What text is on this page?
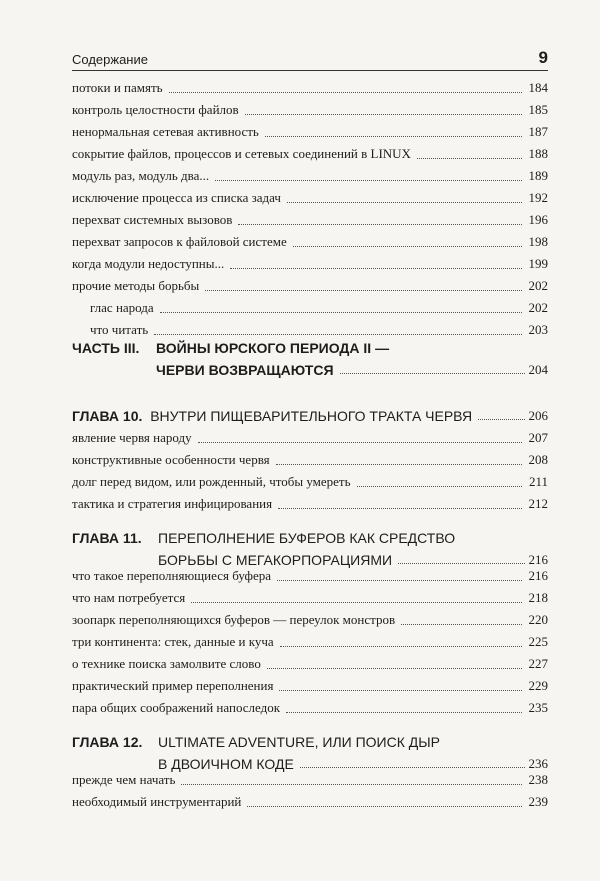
Содержание	9
потоки и память	184
контроль целостности файлов	185
ненормальная сетевая активность	187
сокрытие файлов, процессов и сетевых соединений в LINUX	188
модуль раз, модуль два...	189
исключение процесса из списка задач	192
перехват системных вызовов	196
перехват запросов к файловой системе	198
когда модули недоступны...	199
прочие методы борьбы	202
глас народа	202
что читать	203
ЧАСТЬ III. ВОЙНЫ ЮРСКОГО ПЕРИОДА II —
ЧЕРВИ ВОЗВРАЩАЮТСЯ	204
ГЛАВА 10. ВНУТРИ ПИЩЕВАРИТЕЛЬНОГО ТРАКТА ЧЕРВЯ	206
явление червя народу	207
конструктивные особенности червя	208
долг перед видом, или рожденный, чтобы умереть	211
тактика и стратегия инфицирования	212
ГЛАВА 11. ПЕРЕПОЛНЕНИЕ БУФЕРОВ КАК СРЕДСТВО
БОРЬБЫ С МЕГАКОРПОРАЦИЯМИ	216
что такое переполняющиеся буфера	216
что нам потребуется	218
зоопарк переполняющихся буферов — переулок монстров	220
три континента: стек, данные и куча	225
о технике поиска замолвите слово	227
практический пример переполнения	229
пара общих соображений напоследок	235
ГЛАВА 12. ULTIMATE ADVENTURE, ИЛИ ПОИСК ДЫР
В ДВОИЧНОМ КОДЕ	236
прежде чем начать	238
необходимый инструментарий	239
